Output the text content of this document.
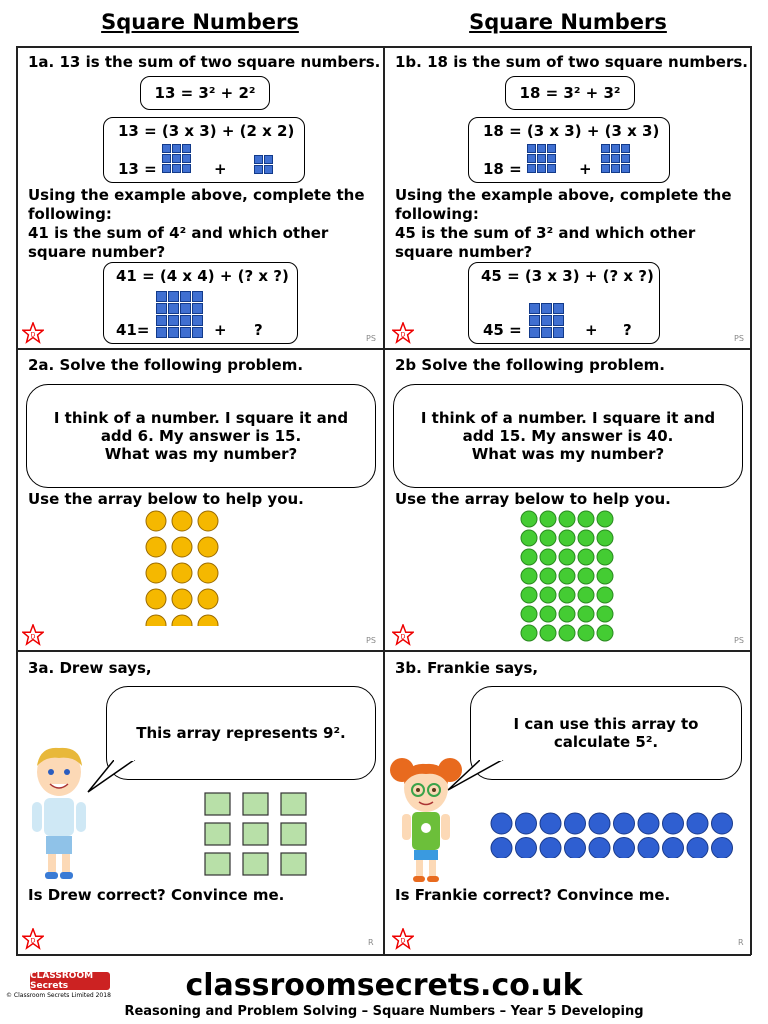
Square Numbers	Square Numbers
1a. 13 is the sum of two square numbers.
13 = 3² + 2²
13 = (3 x 3) + (2 x 2)
13 =	+
Using the example above, complete the following:
41 is the sum of 4² and which other square number?
41 = (4 x 4) + (? x ?)
41=	+ ?
D	PS
1b. 18 is the sum of two square numbers.
18 = 3² + 3²
18 = (3 x 3) + (3 x 3)
18 =	+
Using the example above, complete the following:
45 is the sum of 3² and which other square number?
45 = (3 x 3) + (? x ?)
45 =	+ ?
D	PS
2a. Solve the following problem.
I think of a number. I square it and
add 6. My answer is 15.
What was my number?
Use the array below to help you.
D	PS
2b Solve the following problem.
I think of a number. I square it and
add 15. My answer is 40.
What was my number?
Use the array below to help you.
D	PS
3a. Drew says,
This array represents 9².
Is Drew correct? Convince me.
D	R
3b. Frankie says,
I can use this array to
calculate 5².
Is Frankie correct? Convince me.
D	R
CLASSROOM Secrets
© Classroom Secrets Limited 2018	classroomsecrets.co.uk
Reasoning and Problem Solving – Square Numbers – Year 5 Developing
